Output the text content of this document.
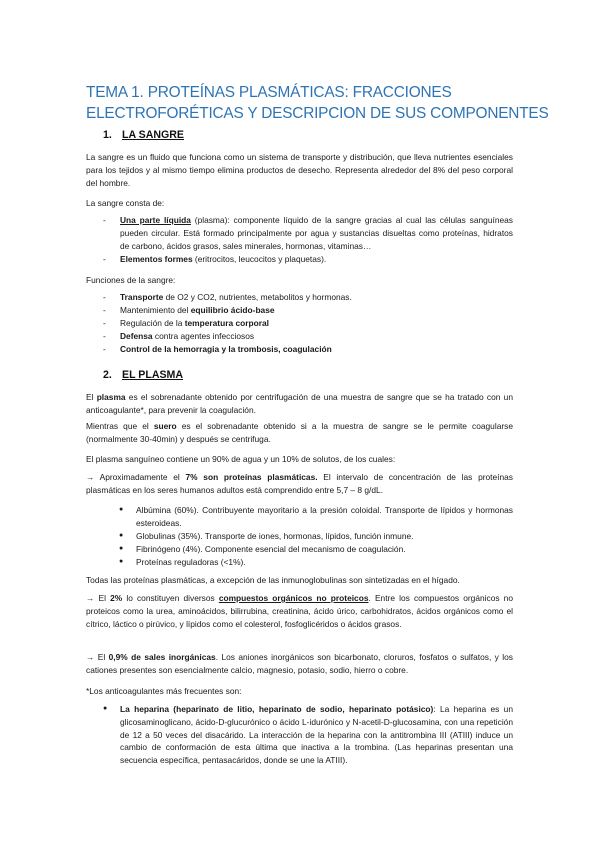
TEMA 1. PROTEÍNAS PLASMÁTICAS: FRACCIONES ELECTROFORÉTICAS Y DESCRIPCION DE SUS COMPONENTES
1. LA SANGRE
La sangre es un fluido que funciona como un sistema de transporte y distribución, que lleva nutrientes esenciales para los tejidos y al mismo tiempo elimina productos de desecho. Representa alrededor del 8% del peso corporal del hombre.
La sangre consta de:
- Una parte líquida (plasma): componente líquido de la sangre gracias al cual las células sanguíneas pueden circular. Está formado principalmente por agua y sustancias disueltas como proteínas, hidratos de carbono, ácidos grasos, sales minerales, hormonas, vitaminas…
- Elementos formes (eritrocitos, leucocitos y plaquetas).
Funciones de la sangre:
- Transporte de O2 y CO2, nutrientes, metabolitos y hormonas.
- Mantenimiento del equilibrio ácido-base
- Regulación de la temperatura corporal
- Defensa contra agentes infecciosos
- Control de la hemorragia y la trombosis, coagulación
2. EL PLASMA
El plasma es el sobrenadante obtenido por centrifugación de una muestra de sangre que se ha tratado con un anticoagulante*, para prevenir la coagulación.
Mientras que el suero es el sobrenadante obtenido si a la muestra de sangre se le permite coagularse (normalmente 30-40min) y después se centrifuga.
El plasma sanguíneo contiene un 90% de agua y un 10% de solutos, de los cuales:
→ Aproximadamente el 7% son proteínas plasmáticas. El intervalo de concentración de las proteínas plasmáticas en los seres humanos adultos está comprendido entre 5,7 – 8 g/dL.
● Albúmina (60%). Contribuyente mayoritario a la presión coloidal. Transporte de lípidos y hormonas esteroideas.
● Globulinas (35%). Transporte de iones, hormonas, lípidos, función inmune.
● Fibrinógeno (4%). Componente esencial del mecanismo de coagulación.
● Proteínas reguladoras (<1%).
Todas las proteínas plasmáticas, a excepción de las inmunoglobulinas son sintetizadas en el hígado.
→ El 2% lo constituyen diversos compuestos orgánicos no proteicos. Entre los compuestos orgánicos no proteicos como la urea, aminoácidos, bilirrubina, creatinina, ácido úrico, carbohidratos, ácidos orgánicos como el cítrico, láctico o pirúvico, y lípidos como el colesterol, fosfoglicéridos o ácidos grasos.
→ El 0,9% de sales inorgánicas. Los aniones inorgánicos son bicarbonato, cloruros, fosfatos o sulfatos, y los cationes presentes son esencialmente calcio, magnesio, potasio, sodio, hierro o cobre.
*Los anticoagulantes más frecuentes son:
● La heparina (heparinato de litio, heparinato de sodio, heparinato potásico): La heparina es un glicosaminoglicano, ácido-D-glucurónico o ácido L-idurónico y N-acetil-D-glucosamina, con una repetición de 12 a 50 veces del disacárido. La interacción de la heparina con la antitrombina III (ATIII) induce un cambio de conformación de esta última que inactiva a la trombina. (Las heparinas presentan una secuencia específica, pentasacáridos, donde se une la ATIII).
